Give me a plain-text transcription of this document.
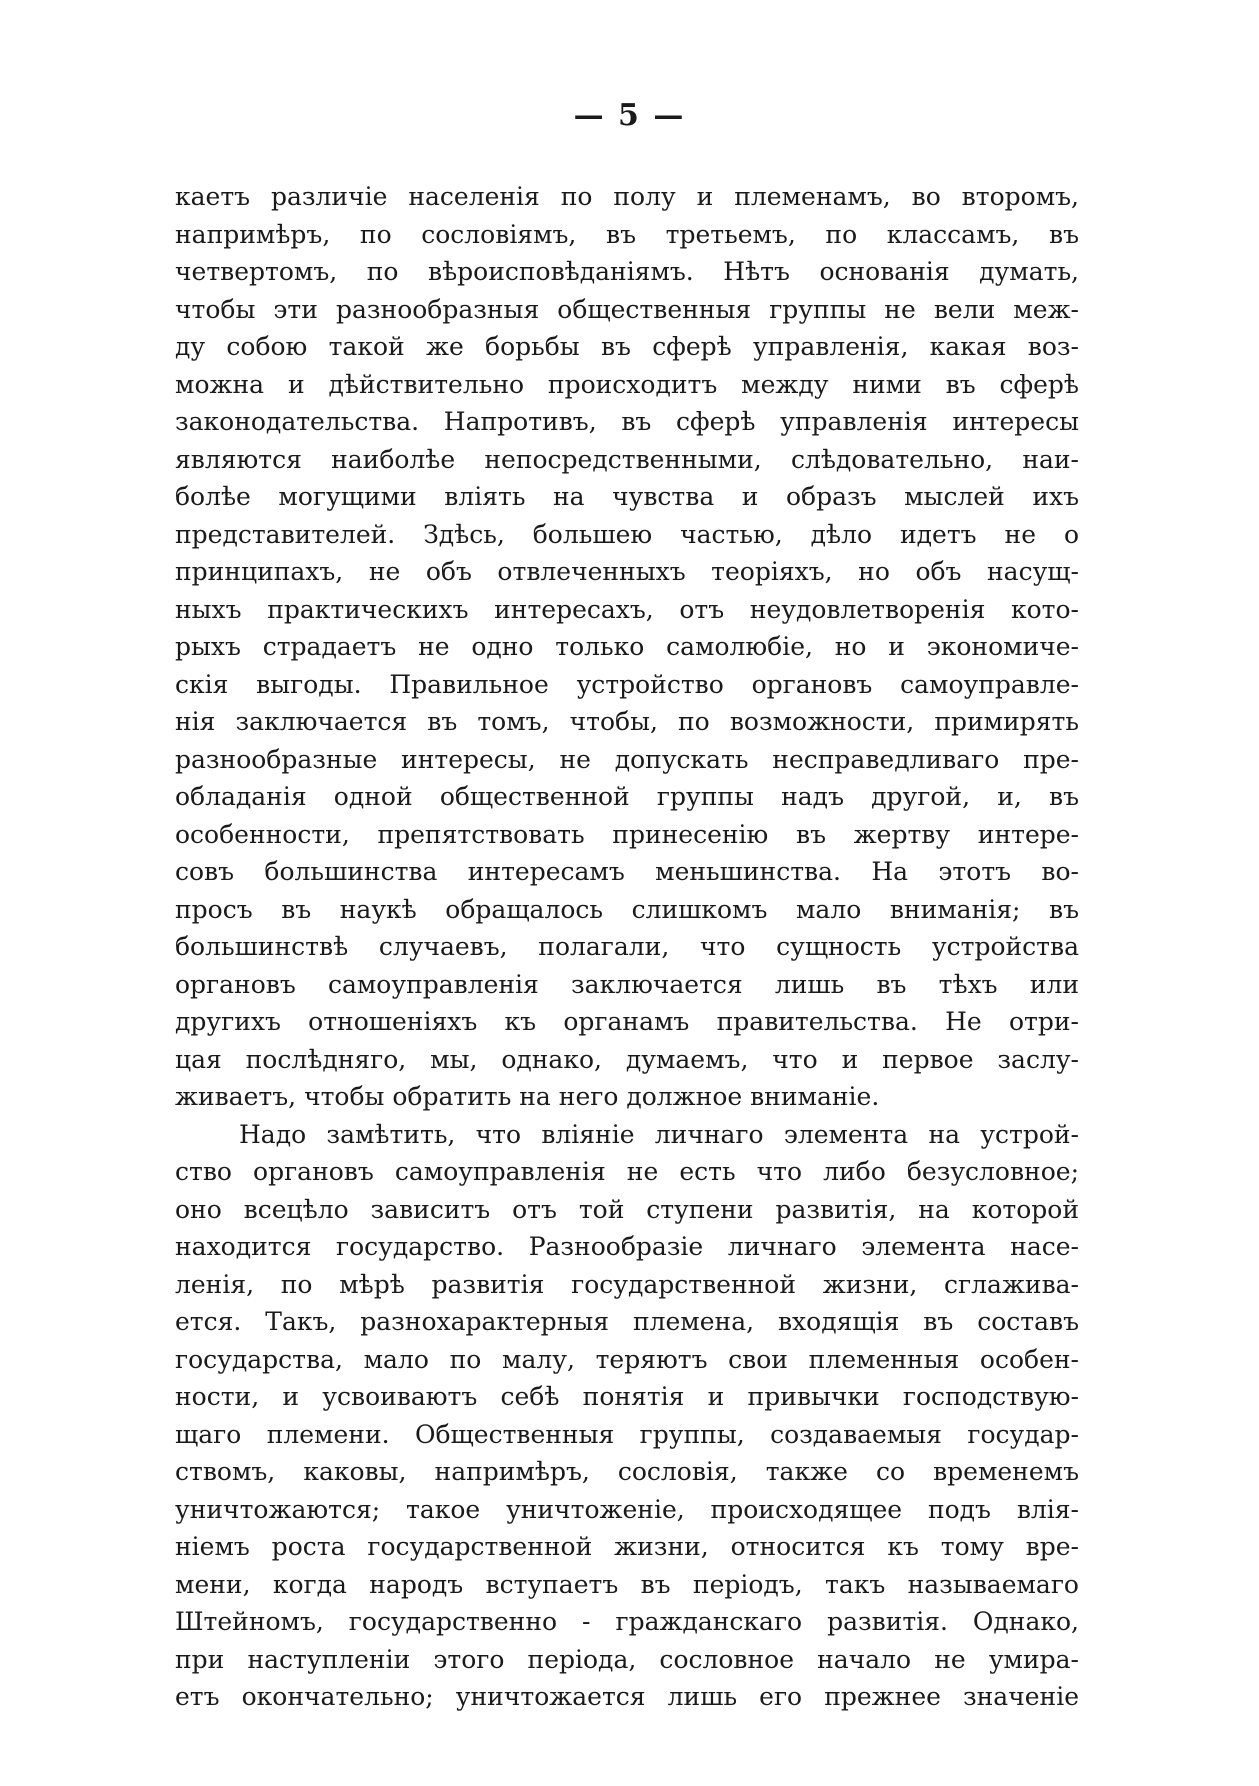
— 5 —
каетъ различіе населенія по полу и племенамъ, во второмъ,
напримѣръ, по сословіямъ, въ третьемъ, по классамъ, въ
четвертомъ, по вѣроисповѣданіямъ. Нѣтъ основанія думать,
чтобы эти разнообразныя общественныя группы не вели меж-
ду собою такой же борьбы въ сферѣ управленія, какая воз-
можна и дѣйствительно происходитъ между ними въ сферѣ
законодательства. Напротивъ, въ сферѣ управленія интересы
являются наиболѣе непосредственными, слѣдовательно, наи-
болѣе могущими влiять на чувства и образъ мыслей ихъ
представителей. Здѣсь, большею частью, дѣло идетъ не о
принципахъ, не объ отвлеченныхъ теоріяхъ, но объ насущ-
ныхъ практическихъ интересахъ, отъ неудовлетворенія кото-
рыхъ страдаетъ не одно только самолюбіе, но и экономиче-
скія выгоды. Правильное устройство органовъ самоуправле-
нія заключается въ томъ, чтобы, по возможности, примирять
разнообразные интересы, не допускать несправедливаго пре-
обладанія одной общественной группы надъ другой, и, въ
особенности, препятствовать принесенію въ жертву интере-
совъ большинства интересамъ меньшинства. На этотъ во-
просъ въ наукѣ обращалось слишкомъ мало вниманія; въ
большинствѣ случаевъ, полагали, что сущность устройства
органовъ самоуправленія заключается лишь въ тѣхъ или
другихъ отношеніяхъ къ органамъ правительства. Не отри-
цая послѣдняго, мы, однако, думаемъ, что и первое заслу-
живаетъ, чтобы обратить на него должное вниманіе.
Надо замѣтить, что вліяніе личнаго элемента на устрой-
ство органовъ самоуправленія не есть что либо безусловное;
оно всецѣло зависитъ отъ той ступени развитія, на которой
находится государство. Разнообразіе личнаго элемента насе-
ленія, по мѣрѣ развитія государственной жизни, сглажива-
ется. Такъ, разнохарактерныя племена, входящія въ составъ
государства, мало по малу, теряютъ свои племенныя особен-
ности, и усвоиваютъ себѣ понятія и привычки господствую-
щаго племени. Общественныя группы, создаваемыя государ-
ствомъ, каковы, напримѣръ, сословія, также со временемъ
уничтожаются; такое уничтоженіе, происходящее подъ влія-
ніемъ роста государственной жизни, относится къ тому вре-
мени, когда народъ вступаетъ въ періодъ, такъ называемаго
Штейномъ, государственно - гражданскаго развитія. Однако,
при наступленіи этого періода, сословное начало не умира-
етъ окончательно; уничтожается лишь его прежнее значеніе
